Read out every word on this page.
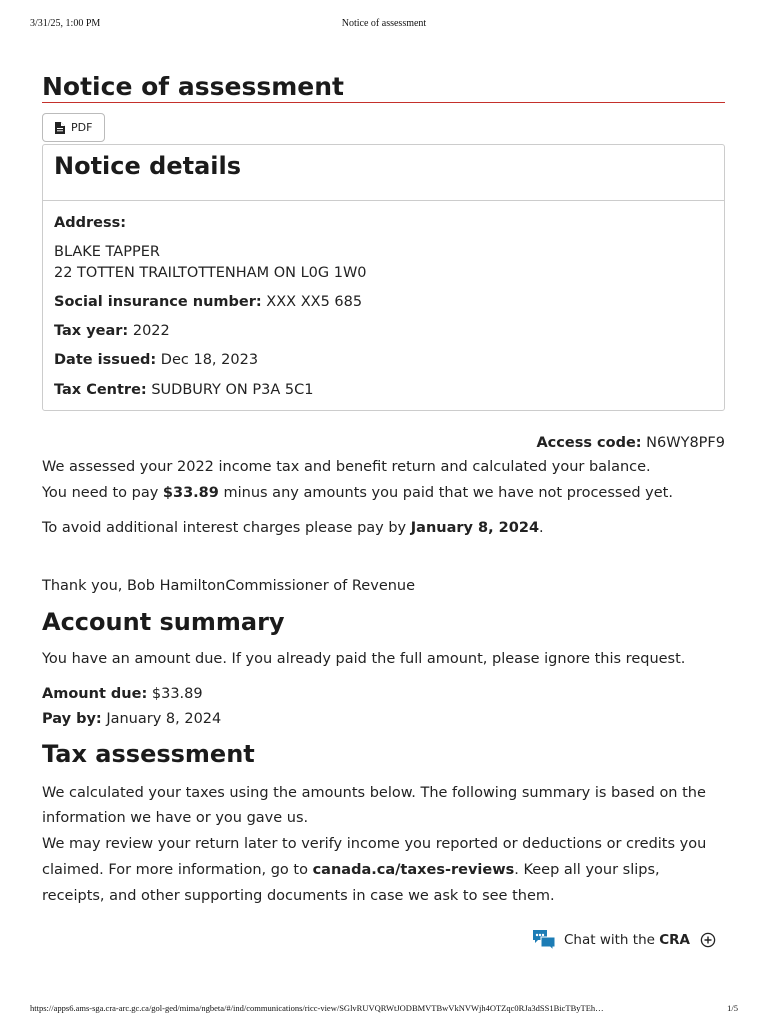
3/31/25, 1:00 PM	Notice of assessment
Notice of assessment
PDF
Notice details

Address:

BLAKE TAPPER

22 TOTTEN TRAILTOTTENHAM ON L0G 1W0

Social insurance number: XXX XX5 685

Tax year: 2022

Date issued: Dec 18, 2023

Tax Centre: SUDBURY ON P3A 5C1

Access code: N6WY8PF9

We assessed your 2022 income tax and benefit return and calculated your balance.

You need to pay $33.89 minus any amounts you paid that we have not processed yet.

To avoid additional interest charges please pay by January 8, 2024.

Thank you, Bob HamiltonCommissioner of Revenue

Account summary

You have an amount due. If you already paid the full amount, please ignore this request.

Amount due: $33.89

Pay by: January 8, 2024

Tax assessment

We calculated your taxes using the amounts below. The following summary is based on the information we have or you gave us.

We may review your return later to verify income you reported or deductions or credits you claimed. For more information, go to canada.ca/taxes-reviews. Keep all your slips, receipts, and other supporting documents in case we ask to see them.

Chat with the CRA
https://apps6.ams-sga.cra-arc.gc.ca/gol-ged/mima/ngbeta/#/ind/communications/ricc-view/SGlvRUVQRWtJODBMVTBwVkNVWjh4OTZqc0RJa3dSS1BicTByTEh…	1/5
